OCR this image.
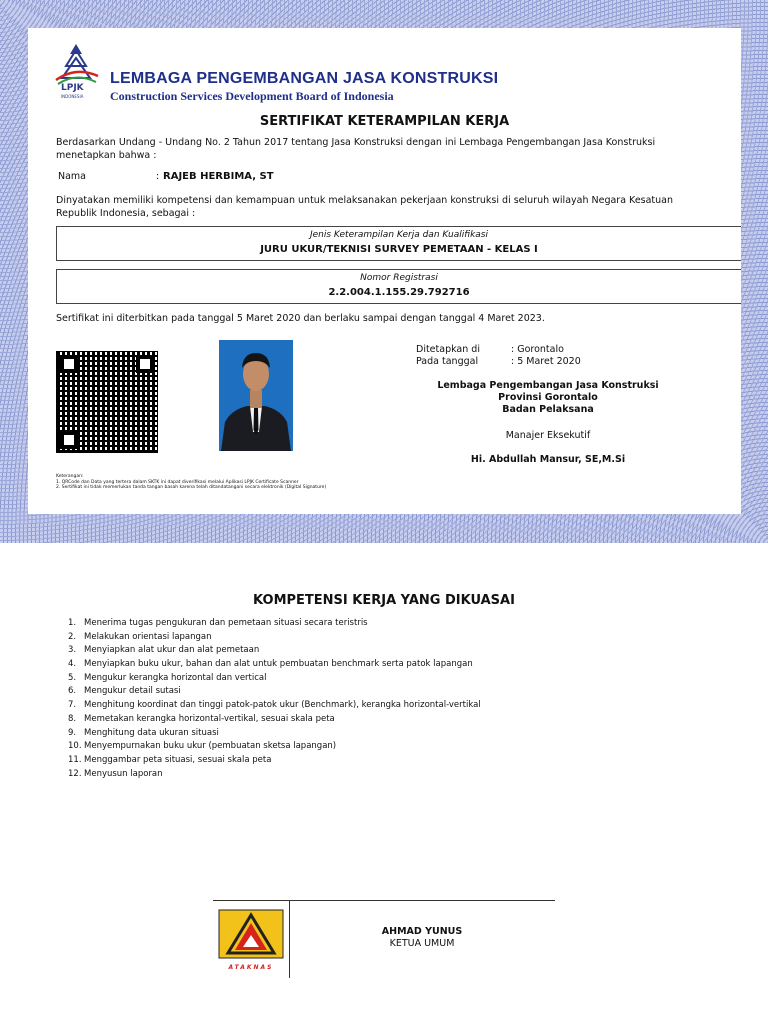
LPJK
INDONESIA
LEMBAGA PENGEMBANGAN JASA KONSTRUKSI
Construction Services Development Board of Indonesia
SERTIFIKAT KETERAMPILAN KERJA
Berdasarkan Undang - Undang No. 2 Tahun 2017 tentang Jasa Konstruksi dengan ini Lembaga Pengembangan Jasa Konstruksi menetapkan bahwa :
Nama	: RAJEB HERBIMA, ST
Dinyatakan memiliki kompetensi dan kemampuan untuk melaksanakan pekerjaan konstruksi di seluruh wilayah Negara Kesatuan Republik Indonesia, sebagai :
Jenis Keterampilan Kerja dan Kualifikasi
JURU UKUR/TEKNISI SURVEY PEMETAAN - KELAS I
Nomor Registrasi
2.2.004.1.155.29.792716
Sertifikat ini diterbitkan pada tanggal 5 Maret 2020 dan berlaku sampai dengan tanggal 4 Maret 2023.
Ditetapkan di	: Gorontalo
Pada tanggal	: 5 Maret 2020
Lembaga Pengembangan Jasa Konstruksi
Provinsi Gorontalo
Badan Pelaksana
Manajer Eksekutif
Hi. Abdullah Mansur, SE,M.Si
Keterangan:
1. QRCode dan Data yang tertera dalam SKTK ini dapat diverifikasi melalui Aplikasi LPJK Certificate Scanner
2. Sertifikat ini tidak memerlukan tanda tangan basah karena telah ditandatangani secara elektronik (Digital Signature)
KOMPETENSI KERJA YANG DIKUASAI
1. Menerima tugas pengukuran dan pemetaan situasi secara teristris
2. Melakukan orientasi lapangan
3. Menyiapkan alat ukur dan alat pemetaan
4. Menyiapkan buku ukur, bahan dan alat untuk pembuatan benchmark serta patok lapangan
5. Mengukur kerangka horizontal dan vertical
6. Mengukur detail sutasi
7. Menghitung koordinat dan tinggi patok-patok ukur (Benchmark), kerangka horizontal-vertikal
8. Memetakan kerangka horizontal-vertikal, sesuai skala peta
9. Menghitung data ukuran situasi
10. Menyempurnakan buku ukur (pembuatan sketsa lapangan)
11. Menggambar peta situasi, sesuai skala peta
12. Menyusun laporan
ATAKNAS
AHMAD YUNUS
KETUA UMUM
